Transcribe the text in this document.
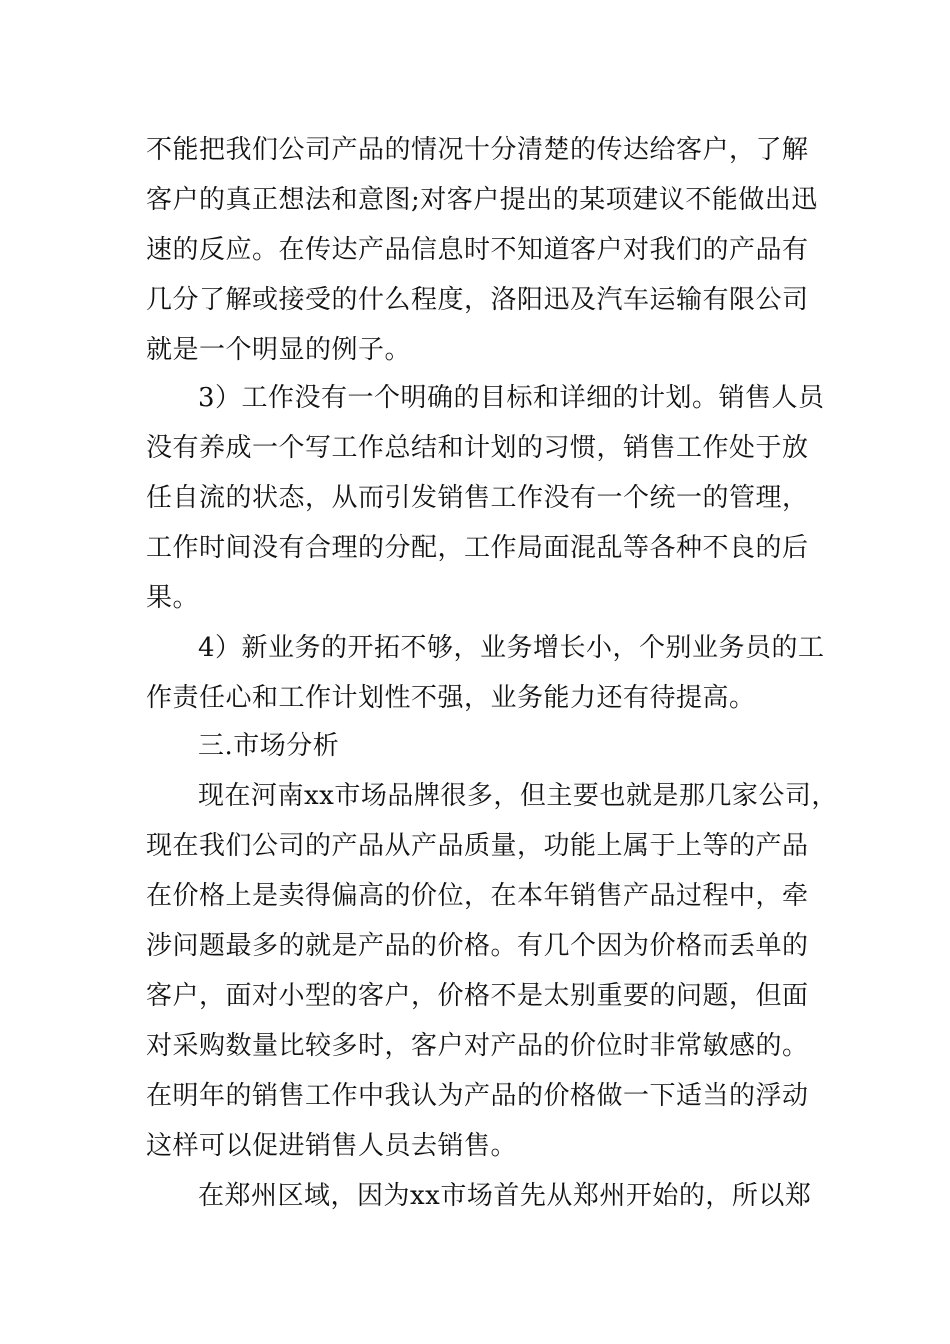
不能把我们公司产品的情况十分清楚的传达给客户，了解
客户的真正想法和意图;对客户提出的某项建议不能做出迅
速的反应。在传达产品信息时不知道客户对我们的产品有
几分了解或接受的什么程度，洛阳迅及汽车运输有限公司
就是一个明显的例子。
3）工作没有一个明确的目标和详细的计划。销售人员
没有养成一个写工作总结和计划的习惯，销售工作处于放
任自流的状态，从而引发销售工作没有一个统一的管理，
工作时间没有合理的分配，工作局面混乱等各种不良的后
果。
4）新业务的开拓不够，业务增长小，个别业务员的工
作责任心和工作计划性不强，业务能力还有待提高。
三.市场分析
现在河南xx市场品牌很多，但主要也就是那几家公司，
现在我们公司的产品从产品质量，功能上属于上等的产品
在价格上是卖得偏高的价位，在本年销售产品过程中，牵
涉问题最多的就是产品的价格。有几个因为价格而丢单的
客户，面对小型的客户，价格不是太别重要的问题，但面
对采购数量比较多时，客户对产品的价位时非常敏感的。
在明年的销售工作中我认为产品的价格做一下适当的浮动
这样可以促进销售人员去销售。
在郑州区域，因为xx市场首先从郑州开始的，所以郑
